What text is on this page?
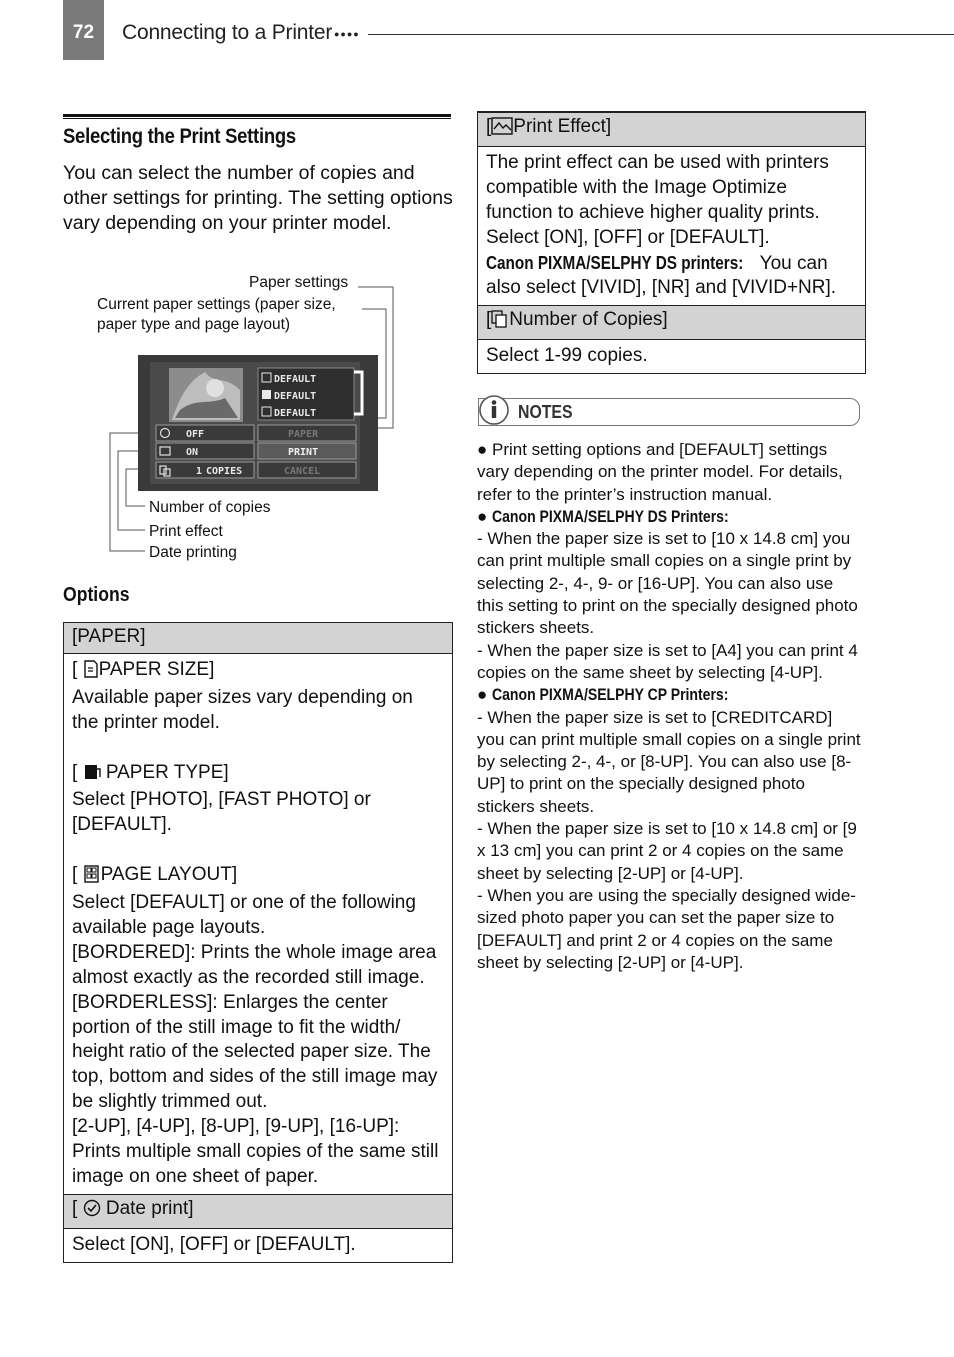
72	Connecting to a Printer ●●●●
Selecting the Print Settings
You can select the number of copies and other settings for printing. The setting options vary depending on your printer model.
Paper settings
Current paper settings (paper size,
paper type and page layout)
Number of copies
Print effect
Date printing
DEFAULT
DEFAULT
DEFAULT
OFF
ON
1 COPIES
PAPER
PRINT
CANCEL
Options
[PAPER]

[ PAPER SIZE]
Available paper sizes vary depending on the printer model.
[  PAPER TYPE]
Select [PHOTO], [FAST PHOTO] or [DEFAULT].
[ PAGE LAYOUT]
Select [DEFAULT] or one of the following available page layouts.
[BORDERED]: Prints the whole image area almost exactly as the recorded still image.
[BORDERLESS]: Enlarges the center portion of the still image to fit the width/ height ratio of the selected paper size. The top, bottom and sides of the still image may be slightly trimmed out.
[2-UP], [4-UP], [8-UP], [9-UP], [16-UP]: Prints multiple small copies of the same still image on one sheet of paper.

[  Date print]
Select [ON], [OFF] or [DEFAULT].
[ Print Effect]

The print effect can be used with printers compatible with the Image Optimize function to achieve higher quality prints. Select [ON], [OFF] or [DEFAULT].
Canon PIXMA/SELPHY DS printers: You can also select [VIVID], [NR] and [VIVID+NR].

[ Number of Copies]
Select 1-99 copies.
NOTES
● Print setting options and [DEFAULT] settings vary depending on the printer model. For details, refer to the printer’s instruction manual.
● Canon PIXMA/SELPHY DS Printers:
- When the paper size is set to [10 x 14.8 cm] you can print multiple small copies on a single print by selecting 2-, 4-, 9- or [16-UP]. You can also use this setting to print on the specially designed photo stickers sheets.
- When the paper size is set to [A4] you can print 4 copies on the same sheet by selecting [4-UP].
● Canon PIXMA/SELPHY CP Printers:
- When the paper size is set to [CREDITCARD] you can print multiple small copies on a single print by selecting 2-, 4-, or [8-UP]. You can also use [8-UP] to print on the specially designed photo stickers sheets.
- When the paper size is set to [10 x 14.8 cm] or [9 x 13 cm] you can print 2 or 4 copies on the same sheet by selecting [2-UP] or [4-UP].
- When you are using the specially designed wide-sized photo paper you can set the paper size to [DEFAULT] and print 2 or 4 copies on the same sheet by selecting [2-UP] or [4-UP].
